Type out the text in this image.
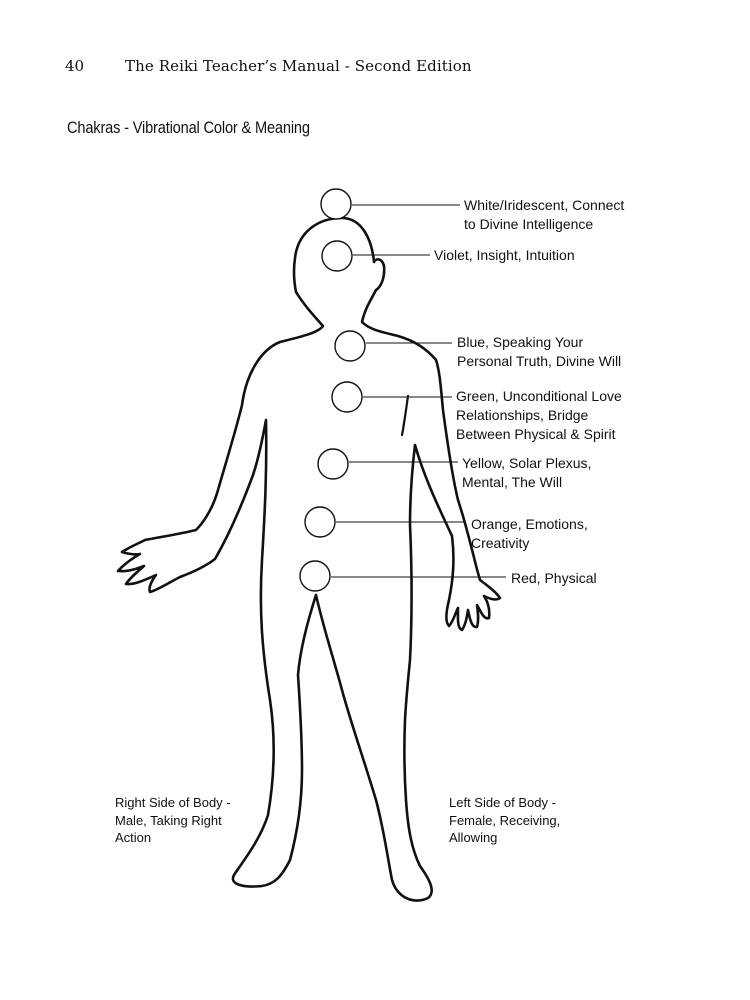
40	The Reiki Teacher’s Manual - Second Edition
Chakras - Vibrational Color & Meaning
White/Iridescent, Connect
to Divine Intelligence
Violet, Insight, Intuition
Blue, Speaking Your
Personal Truth, Divine Will
Green, Unconditional Love
Relationships, Bridge
Between Physical & Spirit
Yellow, Solar Plexus,
Mental, The Will
Orange, Emotions,
Creativity
Red, Physical
Right Side of Body -
Male, Taking Right
Action
Left Side of Body -
Female, Receiving,
Allowing
